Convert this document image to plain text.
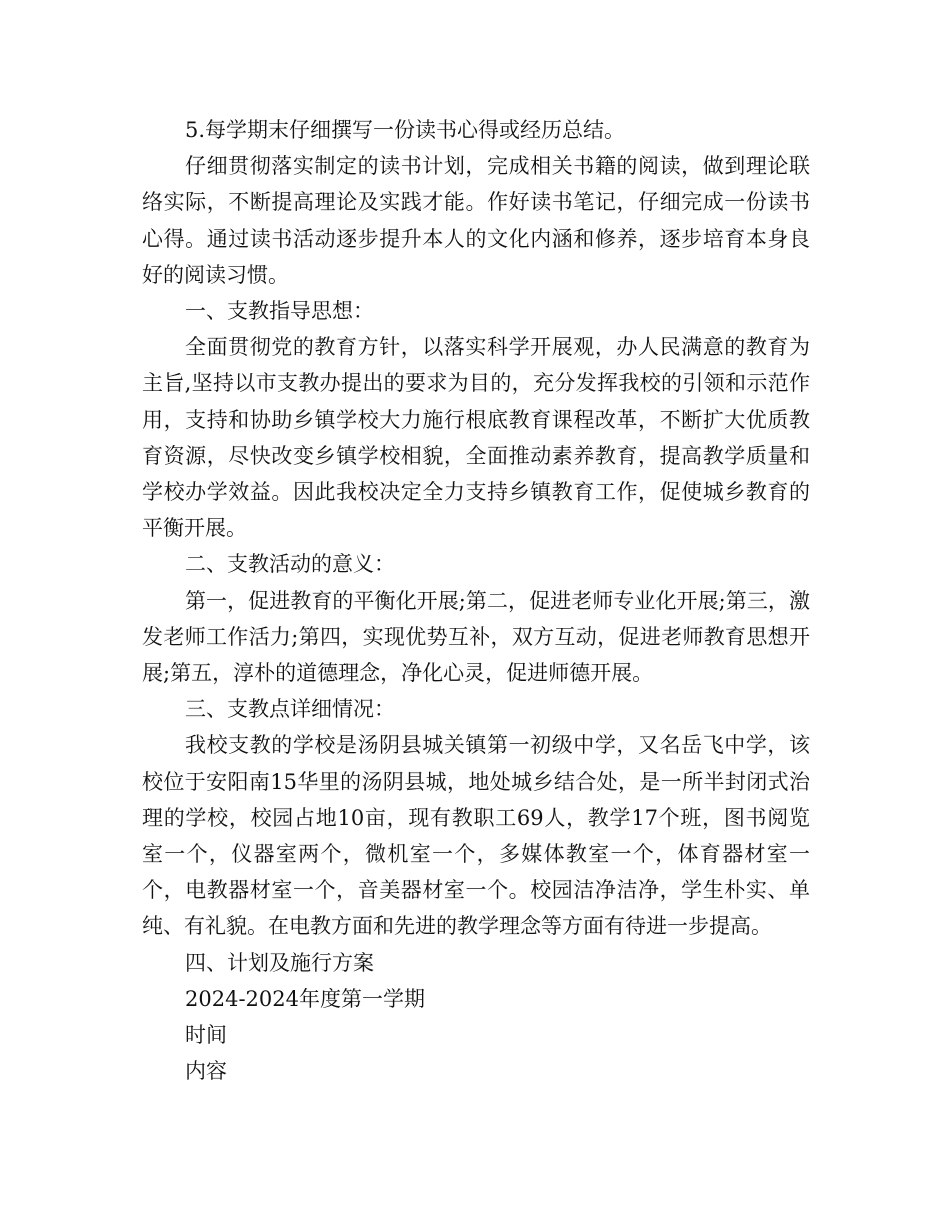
5.每学期末仔细撰写一份读书心得或经历总结。

仔细贯彻落实制定的读书计划，完成相关书籍的阅读，做到理论联络实际，不断提高理论及实践才能。作好读书笔记，仔细完成一份读书心得。通过读书活动逐步提升本人的文化内涵和修养，逐步培育本身良好的阅读习惯。

一、支教指导思想：

全面贯彻党的教育方针，以落实科学开展观，办人民满意的教育为主旨,坚持以市支教办提出的要求为目的，充分发挥我校的引领和示范作用，支持和协助乡镇学校大力施行根底教育课程改革，不断扩大优质教育资源，尽快改变乡镇学校相貌，全面推动素养教育，提高教学质量和学校办学效益。因此我校决定全力支持乡镇教育工作，促使城乡教育的平衡开展。

二、支教活动的意义：

第一，促进教育的平衡化开展;第二，促进老师专业化开展;第三，激发老师工作活力;第四，实现优势互补，双方互动，促进老师教育思想开展;第五，淳朴的道德理念，净化心灵，促进师德开展。

三、支教点详细情况：

我校支教的学校是汤阴县城关镇第一初级中学，又名岳飞中学，该校位于安阳南15华里的汤阴县城，地处城乡结合处，是一所半封闭式治理的学校，校园占地10亩，现有教职工69人，教学17个班，图书阅览室一个，仪器室两个，微机室一个，多媒体教室一个，体育器材室一个，电教器材室一个，音美器材室一个。校园洁净洁净，学生朴实、单纯、有礼貌。在电教方面和先进的教学理念等方面有待进一步提高。

四、计划及施行方案

2024-2024年度第一学期

时间

内容
